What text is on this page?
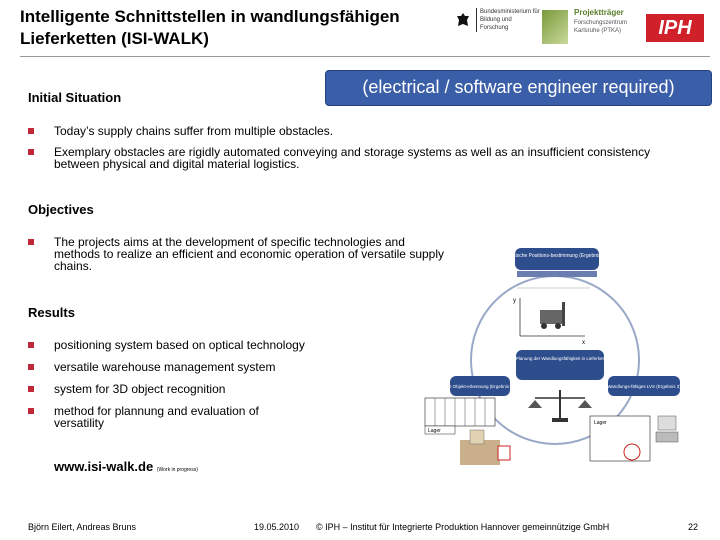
Intelligente Schnittstellen in wandlungsfähigen Lieferketten (ISI-WALK)
Bundesministerium für Bildung und Forschung
Projektträger
Forschungszentrum Karlsruhe (PTKA)	IPH
(electrical / software engineer required)
Initial Situation
Today’s supply chains suffer from multiple obstacles.
Exemplary obstacles are rigidly automated conveying and storage systems as well as an insufficient consistency between physical and digital material logistics.
Objectives
The projects aims at the development of specific technologies and methods to realize an efficient and economic operation of versatile supply chains.
Results
positioning system based on optical technology
versatile warehouse management system
system for 3D object recognition
method for plannung and evaluation of versatility
www.isi-walk.de (Work in progress)
Optische Positions-bestimmung (Ergebnis 1)
x
y
Bewertung und Planung der Wandlungsfähigkeit in Lieferketten (Ergebnis 4)
3D Objekt-erkennung (Ergebnis 2)
Lager
Wandlungs-fähiges LVS (Ergebnis 3)
Lager
Björn Eilert, Andreas Bruns	19.05.2010 © IPH – Institut für Integrierte Produktion Hannover gemeinnützige GmbH	22
